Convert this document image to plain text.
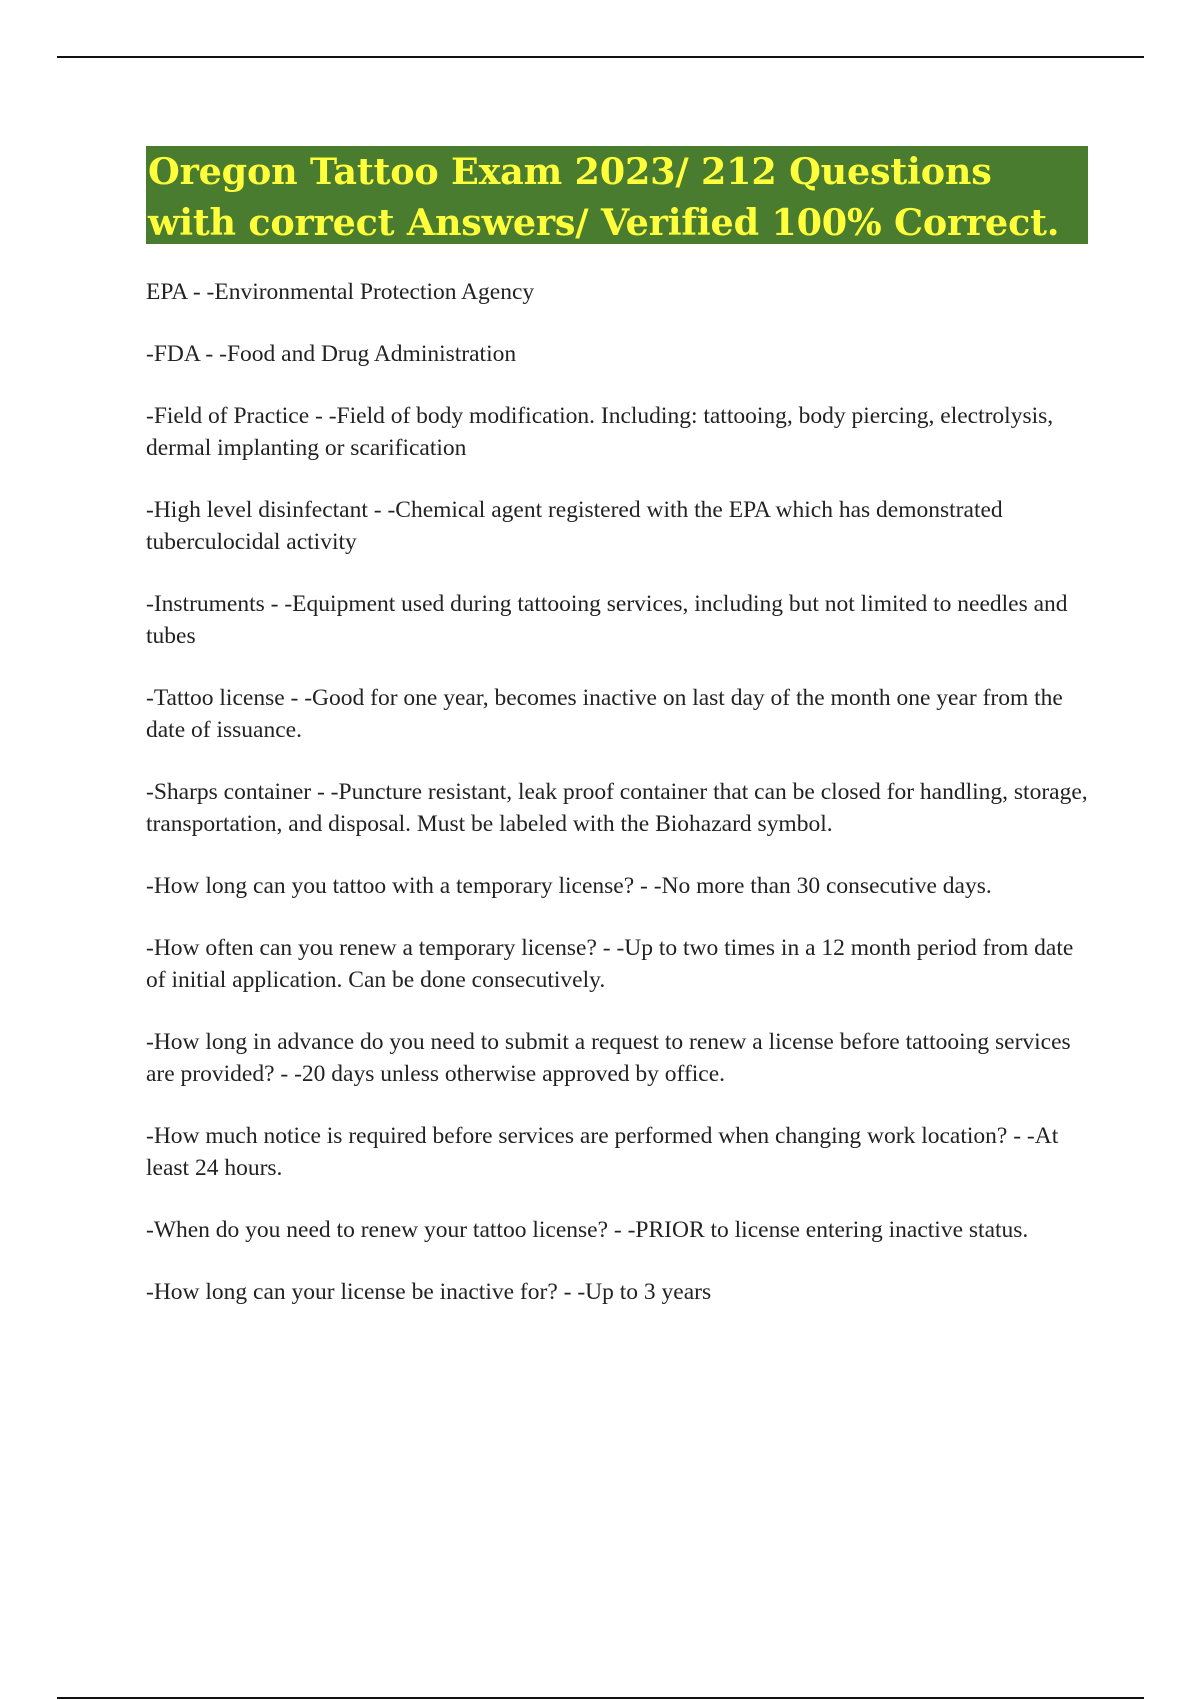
Oregon Tattoo Exam 2023/ 212 Questions
with correct Answers/ Verified 100% Correct.

EPA - -Environmental Protection Agency

-FDA - -Food and Drug Administration

-Field of Practice - -Field of body modification. Including: tattooing, body piercing, electrolysis, dermal implanting or scarification

-High level disinfectant - -Chemical agent registered with the EPA which has demonstrated tuberculocidal activity

-Instruments - -Equipment used during tattooing services, including but not limited to needles and tubes

-Tattoo license - -Good for one year, becomes inactive on last day of the month one year from the date of issuance.

-Sharps container - -Puncture resistant, leak proof container that can be closed for handling, storage, transportation, and disposal. Must be labeled with the Biohazard symbol.

-How long can you tattoo with a temporary license? - -No more than 30 consecutive days.

-How often can you renew a temporary license? - -Up to two times in a 12 month period from date of initial application. Can be done consecutively.

-How long in advance do you need to submit a request to renew a license before tattooing services are provided? - -20 days unless otherwise approved by office.

-How much notice is required before services are performed when changing work location? - -At least 24 hours.

-When do you need to renew your tattoo license? - -PRIOR to license entering inactive status.

-How long can your license be inactive for? - -Up to 3 years
